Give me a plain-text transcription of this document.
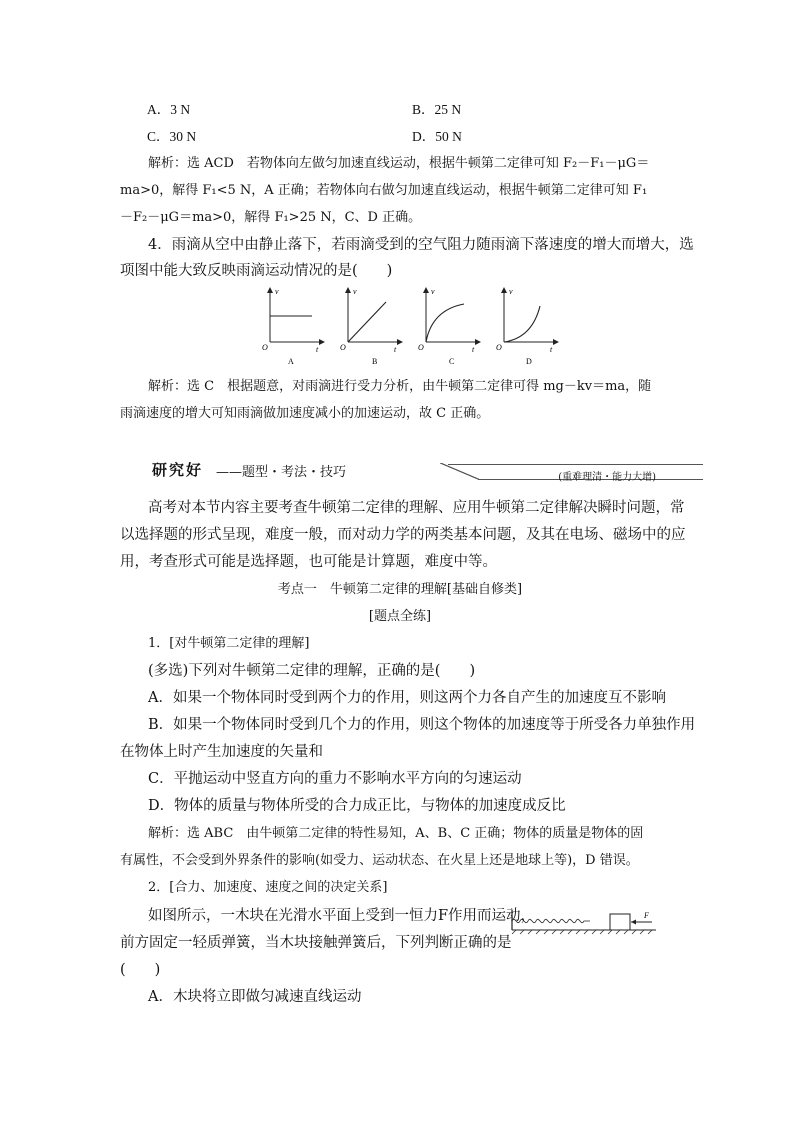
A．3 N	B．25 N
C．30 N	D．50 N
解析：选 ACD　若物体向左做匀加速直线运动，根据牛顿第二定律可知 F₂－F₁－μG＝
ma>0，解得 F₁<5 N，A 正确；若物体向右做匀加速直线运动，根据牛顿第二定律可知 F₁
－F₂－μG＝ma>0，解得 F₁>25 N，C、D 正确。
4．雨滴从空中由静止落下，若雨滴受到的空气阻力随雨滴下落速度的增大而增大，选
项图中能大致反映雨滴运动情况的是(　　)
v
t
O
A
v
t
O
B
v
t
O
C
v
t
O
D
解析：选 C　根据题意，对雨滴进行受力分析，由牛顿第二定律可得 mg－kv＝ma，随
雨滴速度的增大可知雨滴做加速度减小的加速运动，故 C 正确。
研究好 ——题型・考法・技巧	(重难理清・能力大增)
高考对本节内容主要考查牛顿第二定律的理解、应用牛顿第二定律解决瞬时问题，常
以选择题的形式呈现，难度一般，而对动力学的两类基本问题，及其在电场、磁场中的应
用，考查形式可能是选择题，也可能是计算题，难度中等。
考点一　牛顿第二定律的理解[基础自修类]
[题点全练]
1．[对牛顿第二定律的理解]
(多选)下列对牛顿第二定律的理解，正确的是(　　)
A．如果一个物体同时受到两个力的作用，则这两个力各自产生的加速度互不影响
B．如果一个物体同时受到几个力的作用，则这个物体的加速度等于所受各力单独作用
在物体上时产生加速度的矢量和
C．平抛运动中竖直方向的重力不影响水平方向的匀速运动
D．物体的质量与物体所受的合力成正比，与物体的加速度成反比
解析：选 ABC　由牛顿第二定律的特性易知，A、B、C 正确；物体的质量是物体的固
有属性，不会受到外界条件的影响(如受力、运动状态、在火星上还是地球上等)，D 错误。
2．[合力、加速度、速度之间的决定关系]
如图所示，一木块在光滑水平面上受到一恒力F作用而运动，
前方固定一轻质弹簧，当木块接触弹簧后，下列判断正确的是
(　　)
A．木块将立即做匀减速直线运动
F
